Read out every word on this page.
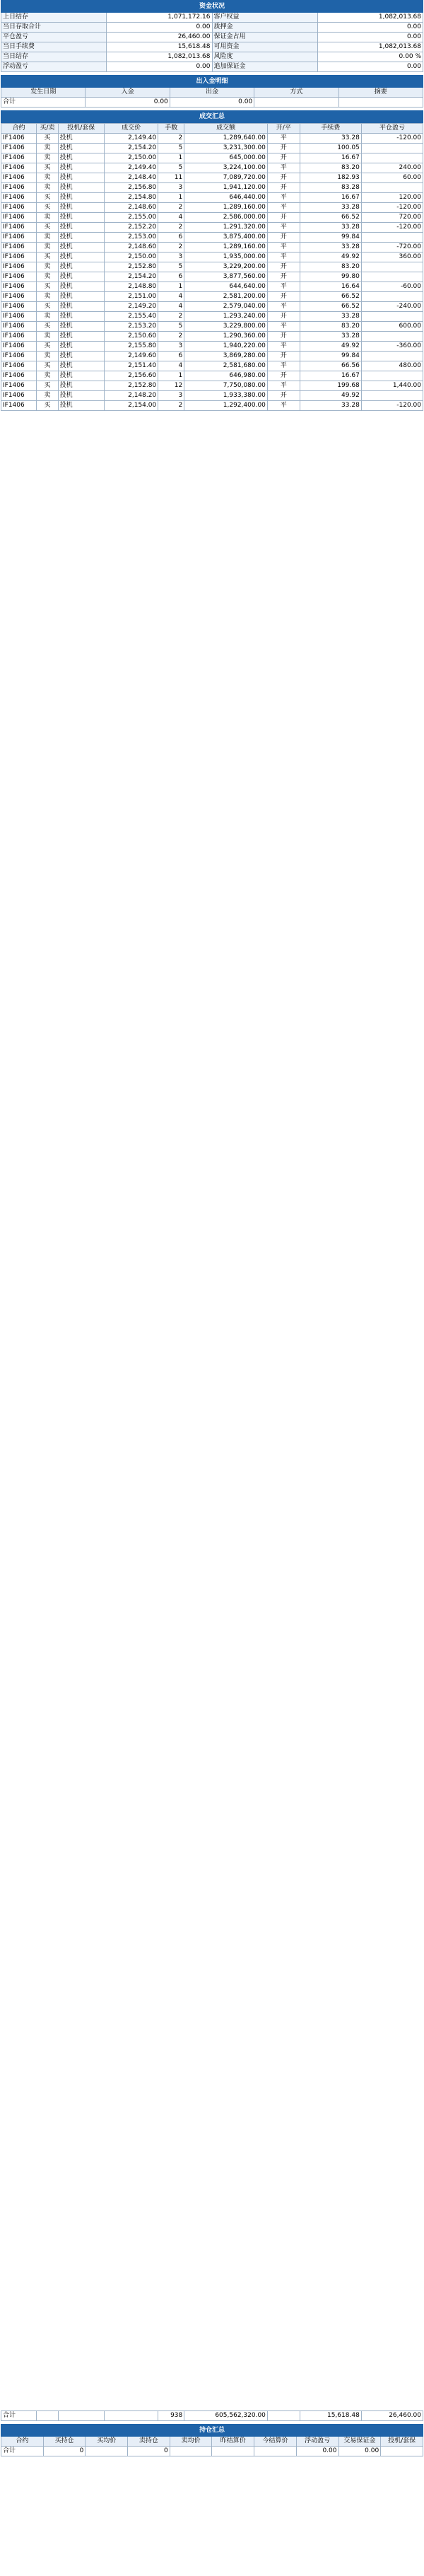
资金状况			
上日结存	1,071,172.16	客户权益	1,082,013.68
当日存取合计	0.00	质押金	0.00
平仓盈亏	26,460.00	保证金占用	0.00
当日手续费	15,618.48	可用资金	1,082,013.68
当日结存	1,082,013.68	风险度	0.00 %
浮动盈亏	0.00	追加保证金	0.00
出入金明细				
发生日期	入金	出金	方式	摘要
合计	0.00	0.00		
成交汇总
合约	买/卖	投机/套保	成交价	手数	成交额	开/平	手续费	平仓盈亏
IF1406	买	投机	2,149.40	2	1,289,640.00	平	33.28	-120.00
IF1406	卖	投机	2,154.20	5	3,231,300.00	开	100.05	
IF1406	卖	投机	2,150.00	1	645,000.00	开	16.67	
IF1406	买	投机	2,149.40	5	3,224,100.00	平	83.20	240.00
IF1406	卖	投机	2,148.40	11	7,089,720.00	开	182.93	60.00
IF1406	卖	投机	2,156.80	3	1,941,120.00	开	83.28	
IF1406	买	投机	2,154.80	1	646,440.00	平	16.67	120.00
IF1406	买	投机	2,148.60	2	1,289,160.00	平	33.28	-120.00
IF1406	卖	投机	2,155.00	4	2,586,000.00	开	66.52	720.00
IF1406	买	投机	2,152.20	2	1,291,320.00	平	33.28	-120.00
IF1406	卖	投机	2,153.00	6	3,875,400.00	开	99.84	
IF1406	卖	投机	2,148.60	2	1,289,160.00	平	33.28	-720.00
IF1406	买	投机	2,150.00	3	1,935,000.00	平	49.92	360.00
IF1406	卖	投机	2,152.80	5	3,229,200.00	开	83.20	
IF1406	卖	投机	2,154.20	6	3,877,560.00	开	99.80	
IF1406	买	投机	2,148.80	1	644,640.00	平	16.64	-60.00
IF1406	卖	投机	2,151.00	4	2,581,200.00	开	66.52	
IF1406	买	投机	2,149.20	4	2,579,040.00	平	66.52	-240.00
IF1406	卖	投机	2,155.40	2	1,293,240.00	开	33.28	
IF1406	买	投机	2,153.20	5	3,229,800.00	平	83.20	600.00
IF1406	卖	投机	2,150.60	2	1,290,360.00	开	33.28	
IF1406	买	投机	2,155.80	3	1,940,220.00	平	49.92	-360.00
IF1406	卖	投机	2,149.60	6	3,869,280.00	开	99.84	
IF1406	买	投机	2,151.40	4	2,581,680.00	平	66.56	480.00
IF1406	卖	投机	2,156.60	1	646,980.00	开	16.67	
IF1406	买	投机	2,152.80	12	7,750,080.00	平	199.68	1,440.00
IF1406	卖	投机	2,148.20	3	1,933,380.00	开	49.92	
IF1406	买	投机	2,154.00	2	1,292,400.00	平	33.28	-120.00
合计				938	605,562,320.00		15,618.48	26,460.00
持仓汇总									
合约	买持仓	买均价	卖持仓	卖均价	昨结算价	今结算价	浮动盈亏	交易保证金	投机/套保
合计	0		0				0.00	0.00	
